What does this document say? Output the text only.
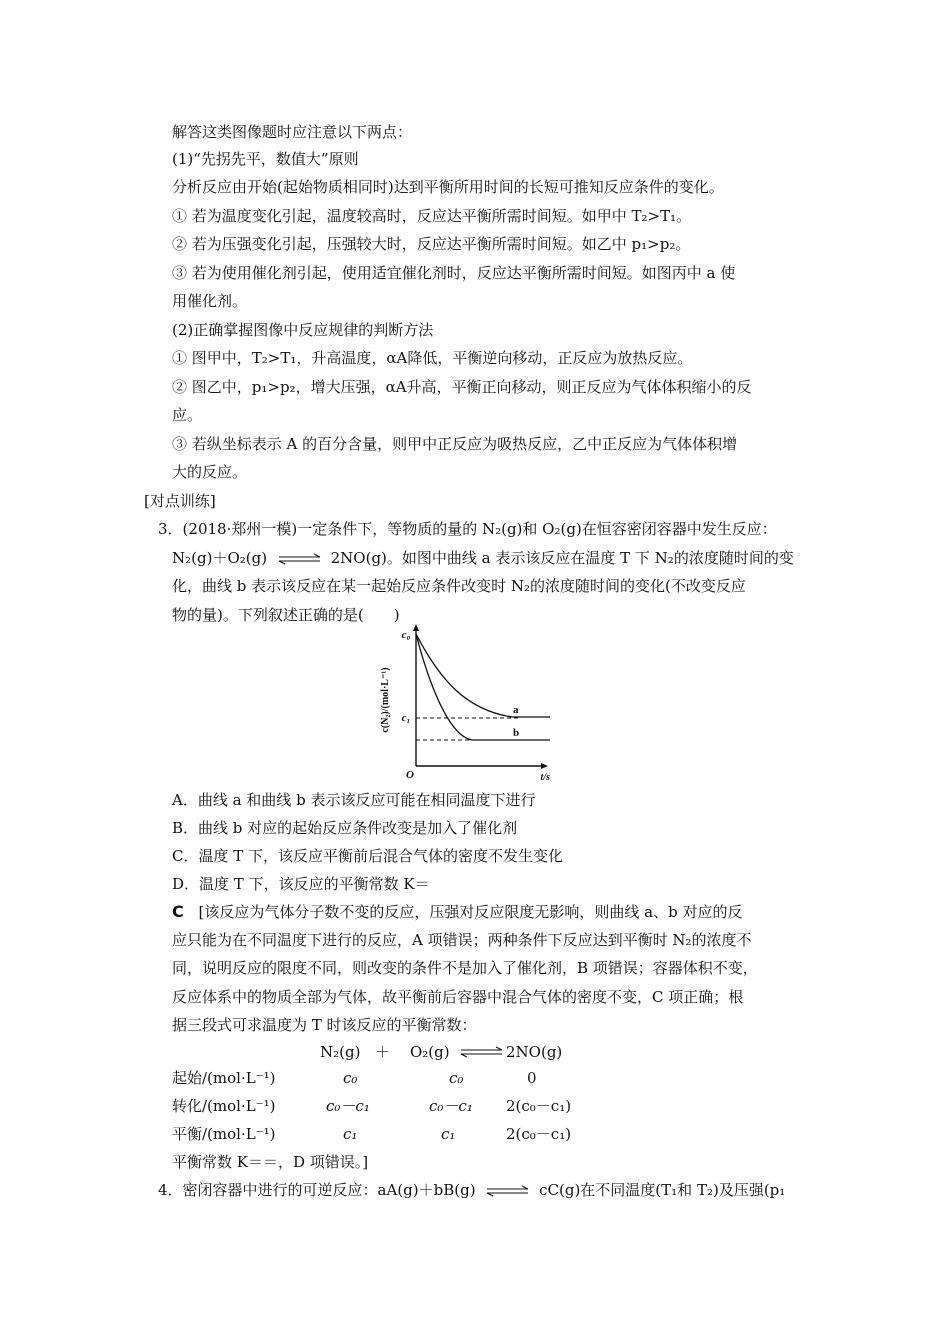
解答这类图像题时应注意以下两点：
(1)“先拐先平，数值大”原则
分析反应由开始(起始物质相同时)达到平衡所用时间的长短可推知反应条件的变化。
① 若为温度变化引起，温度较高时，反应达平衡所需时间短。如甲中 T₂>T₁。
② 若为压强变化引起，压强较大时，反应达平衡所需时间短。如乙中 p₁>p₂。
③ 若为使用催化剂引起，使用适宜催化剂时，反应达平衡所需时间短。如图丙中 a 使
用催化剂。
(2)正确掌握图像中反应规律的判断方法
① 图甲中，T₂>T₁，升高温度，αA降低，平衡逆向移动，正反应为放热反应。
② 图乙中，p₁>p₂，增大压强，αA升高，平衡正向移动，则正反应为气体体积缩小的反
应。
③ 若纵坐标表示 A 的百分含量，则甲中正反应为吸热反应，乙中正反应为气体体积增
大的反应。
[对点训练]
3．(2018·郑州一模)一定条件下，等物质的量的 N₂(g)和 O₂(g)在恒容密闭容器中发生反应：
N₂(g)＋O₂(g) ⇌ 2NO(g)。如图中曲线 a 表示该反应在温度 T 下 N₂的浓度随时间的变
化，曲线 b 表示该反应在某一起始反应条件改变时 N₂的浓度随时间的变化(不改变反应
物的量)。下列叙述正确的是(　　)
c(N₂)/(mol·L⁻¹)
c₀
c₁
O	t/s
a
b
A．曲线 a 和曲线 b 表示该反应可能在相同温度下进行
B．曲线 b 对应的起始反应条件改变是加入了催化剂
C．温度 T 下，该反应平衡前后混合气体的密度不发生变化
D．温度 T 下，该反应的平衡常数 K＝
C [该反应为气体分子数不变的反应，压强对反应限度无影响，则曲线 a、b 对应的反
应只能为在不同温度下进行的反应，A 项错误；两种条件下反应达到平衡时 N₂的浓度不
同，说明反应的限度不同，则改变的条件不是加入了催化剂，B 项错误；容器体积不变，
反应体系中的物质全部为气体，故平衡前后容器中混合气体的密度不变，C 项正确；根
据三段式可求温度为 T 时该反应的平衡常数：
N₂(g) ＋ O₂(g)	2NO(g)
起始/(mol·L⁻¹)	c₀	c₀	0
转化/(mol·L⁻¹)	c₀－c₁	c₀－c₁ 2(c₀－c₁)
平衡/(mol·L⁻¹)	c₁	c₁	2(c₀－c₁)
平衡常数 K＝＝，D 项错误。]
4．密闭容器中进行的可逆反应：aA(g)＋bB(g)	cC(g)在不同温度(T₁和 T₂)及压强(p₁
